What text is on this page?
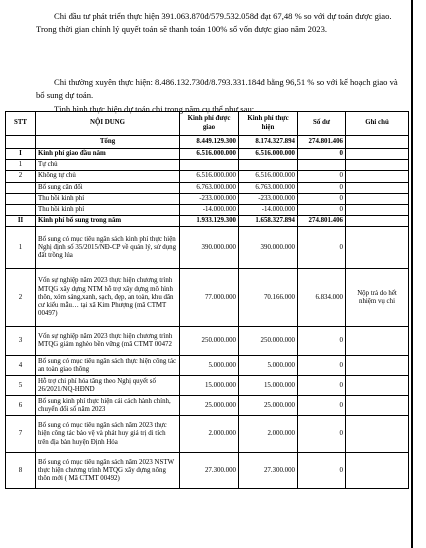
Chi đầu tư phát triển thực hiện 391.063.870đ/579.532.058đ đạt 67,48 % so với dự toán được giao. Trong thời gian chỉnh lý quyết toán sẽ thanh toán 100% số vốn được giao năm 2023.

Chi thường xuyên thực hiện: 8.486.132.730đ/8.793.331.184đ bằng 96,51 % so với kế hoạch giao và bổ sung dự toán.

Tình hình thực hiện dự toán chi trong năm cụ thể như sau:

STT	NỘI DUNG	Kinh phí được giao	Kinh phí thực hiện	Số dư	Ghi chú
	Tổng	8.449.129.300	8.174.327.894	274.801.406	
I	Kinh phí giao đầu năm	6.516.000.000	6.516.000.000	0	
1	Tự chủ				
2	Không tự chủ	6.516.000.000	6.516.000.000	0	
	Bổ sung cân đối	6.763.000.000	6.763.000.000	0	
	Thu hồi kinh phí	-233.000.000	-233.000.000	0	
	Thu hồi kinh phí	-14.000.000	-14.000.000	0	
II	Kinh phí bổ sung trong năm	1.933.129.300	1.658.327.894	274.801.406	
1	Bổ sung có mục tiêu ngân sách kinh phí thực hiện Nghị định số 35/2015/NĐ-CP về quản lý, sử dụng đất trồng lúa	390.000.000	390.000.000	0	
2	Vốn sự nghiệp năm 2023 thực hiện chương trình MTQG xây dựng NTM hỗ trợ xây dựng mô hình thôn, xóm sáng,xanh, sạch, đẹp, an toàn, khu dân cư kiểu mẫu… tại xã Kim Phượng (mã CTMT 00497)	77.000.000	70.166.000	6.834.000	Nộp trả do hết nhiệm vụ chi
3	Vốn sự nghiệp năm 2023 thực hiện chương trình MTQG giảm nghèo bền vững (mã CTMT 00472	250.000.000	250.000.000	0	
4	Bổ sung có mục tiêu ngân sách thực hiện công tác an toàn giao thông	5.000.000	5.000.000	0	
5	Hỗ trợ chi phí hóa tăng theo Nghị quyết số 26/2021/NQ-HĐND	15.000.000	15.000.000	0	
6	Bổ sung kinh phí thực hiện cải cách hành chính, chuyển đổi số năm 2023	25.000.000	25.000.000	0	
7	Bổ sung có mục tiêu ngân sách năm 2023 thực hiện công tác bảo vệ và phát huy giá trị di tích trên địa bàn huyện Định Hóa	2.000.000	2.000.000	0	
8	Bổ sung có mục tiêu ngân sách năm 2023 NSTW thực hiện chương trình MTQG xây dựng nông thôn mới ( Mã CTMT 00492)	27.300.000	27.300.000	0	
